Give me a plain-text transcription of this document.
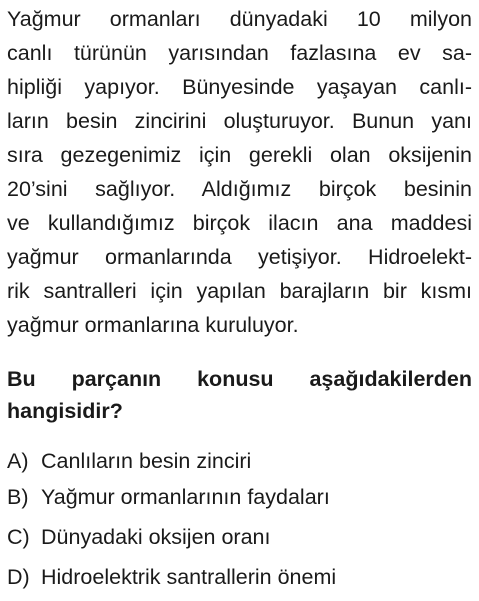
Yağmur ormanları dünyadaki 10 milyon
canlı türünün yarısından fazlasına ev sa-
hipliği yapıyor. Bünyesinde yaşayan canlı-
ların besin zincirini oluşturuyor. Bunun yanı
sıra gezegenimiz için gerekli olan oksijenin
20’sini sağlıyor. Aldığımız birçok besinin
ve kullandığımız birçok ilacın ana maddesi
yağmur ormanlarında yetişiyor. Hidroelekt-
rik santralleri için yapılan barajların bir kısmı
yağmur ormanlarına kuruluyor.
Bu parçanın konusu aşağıdakilerden
hangisidir?
A) Canlıların besin zinciri
B) Yağmur ormanlarının faydaları
C) Dünyadaki oksijen oranı
D) Hidroelektrik santrallerin önemi
